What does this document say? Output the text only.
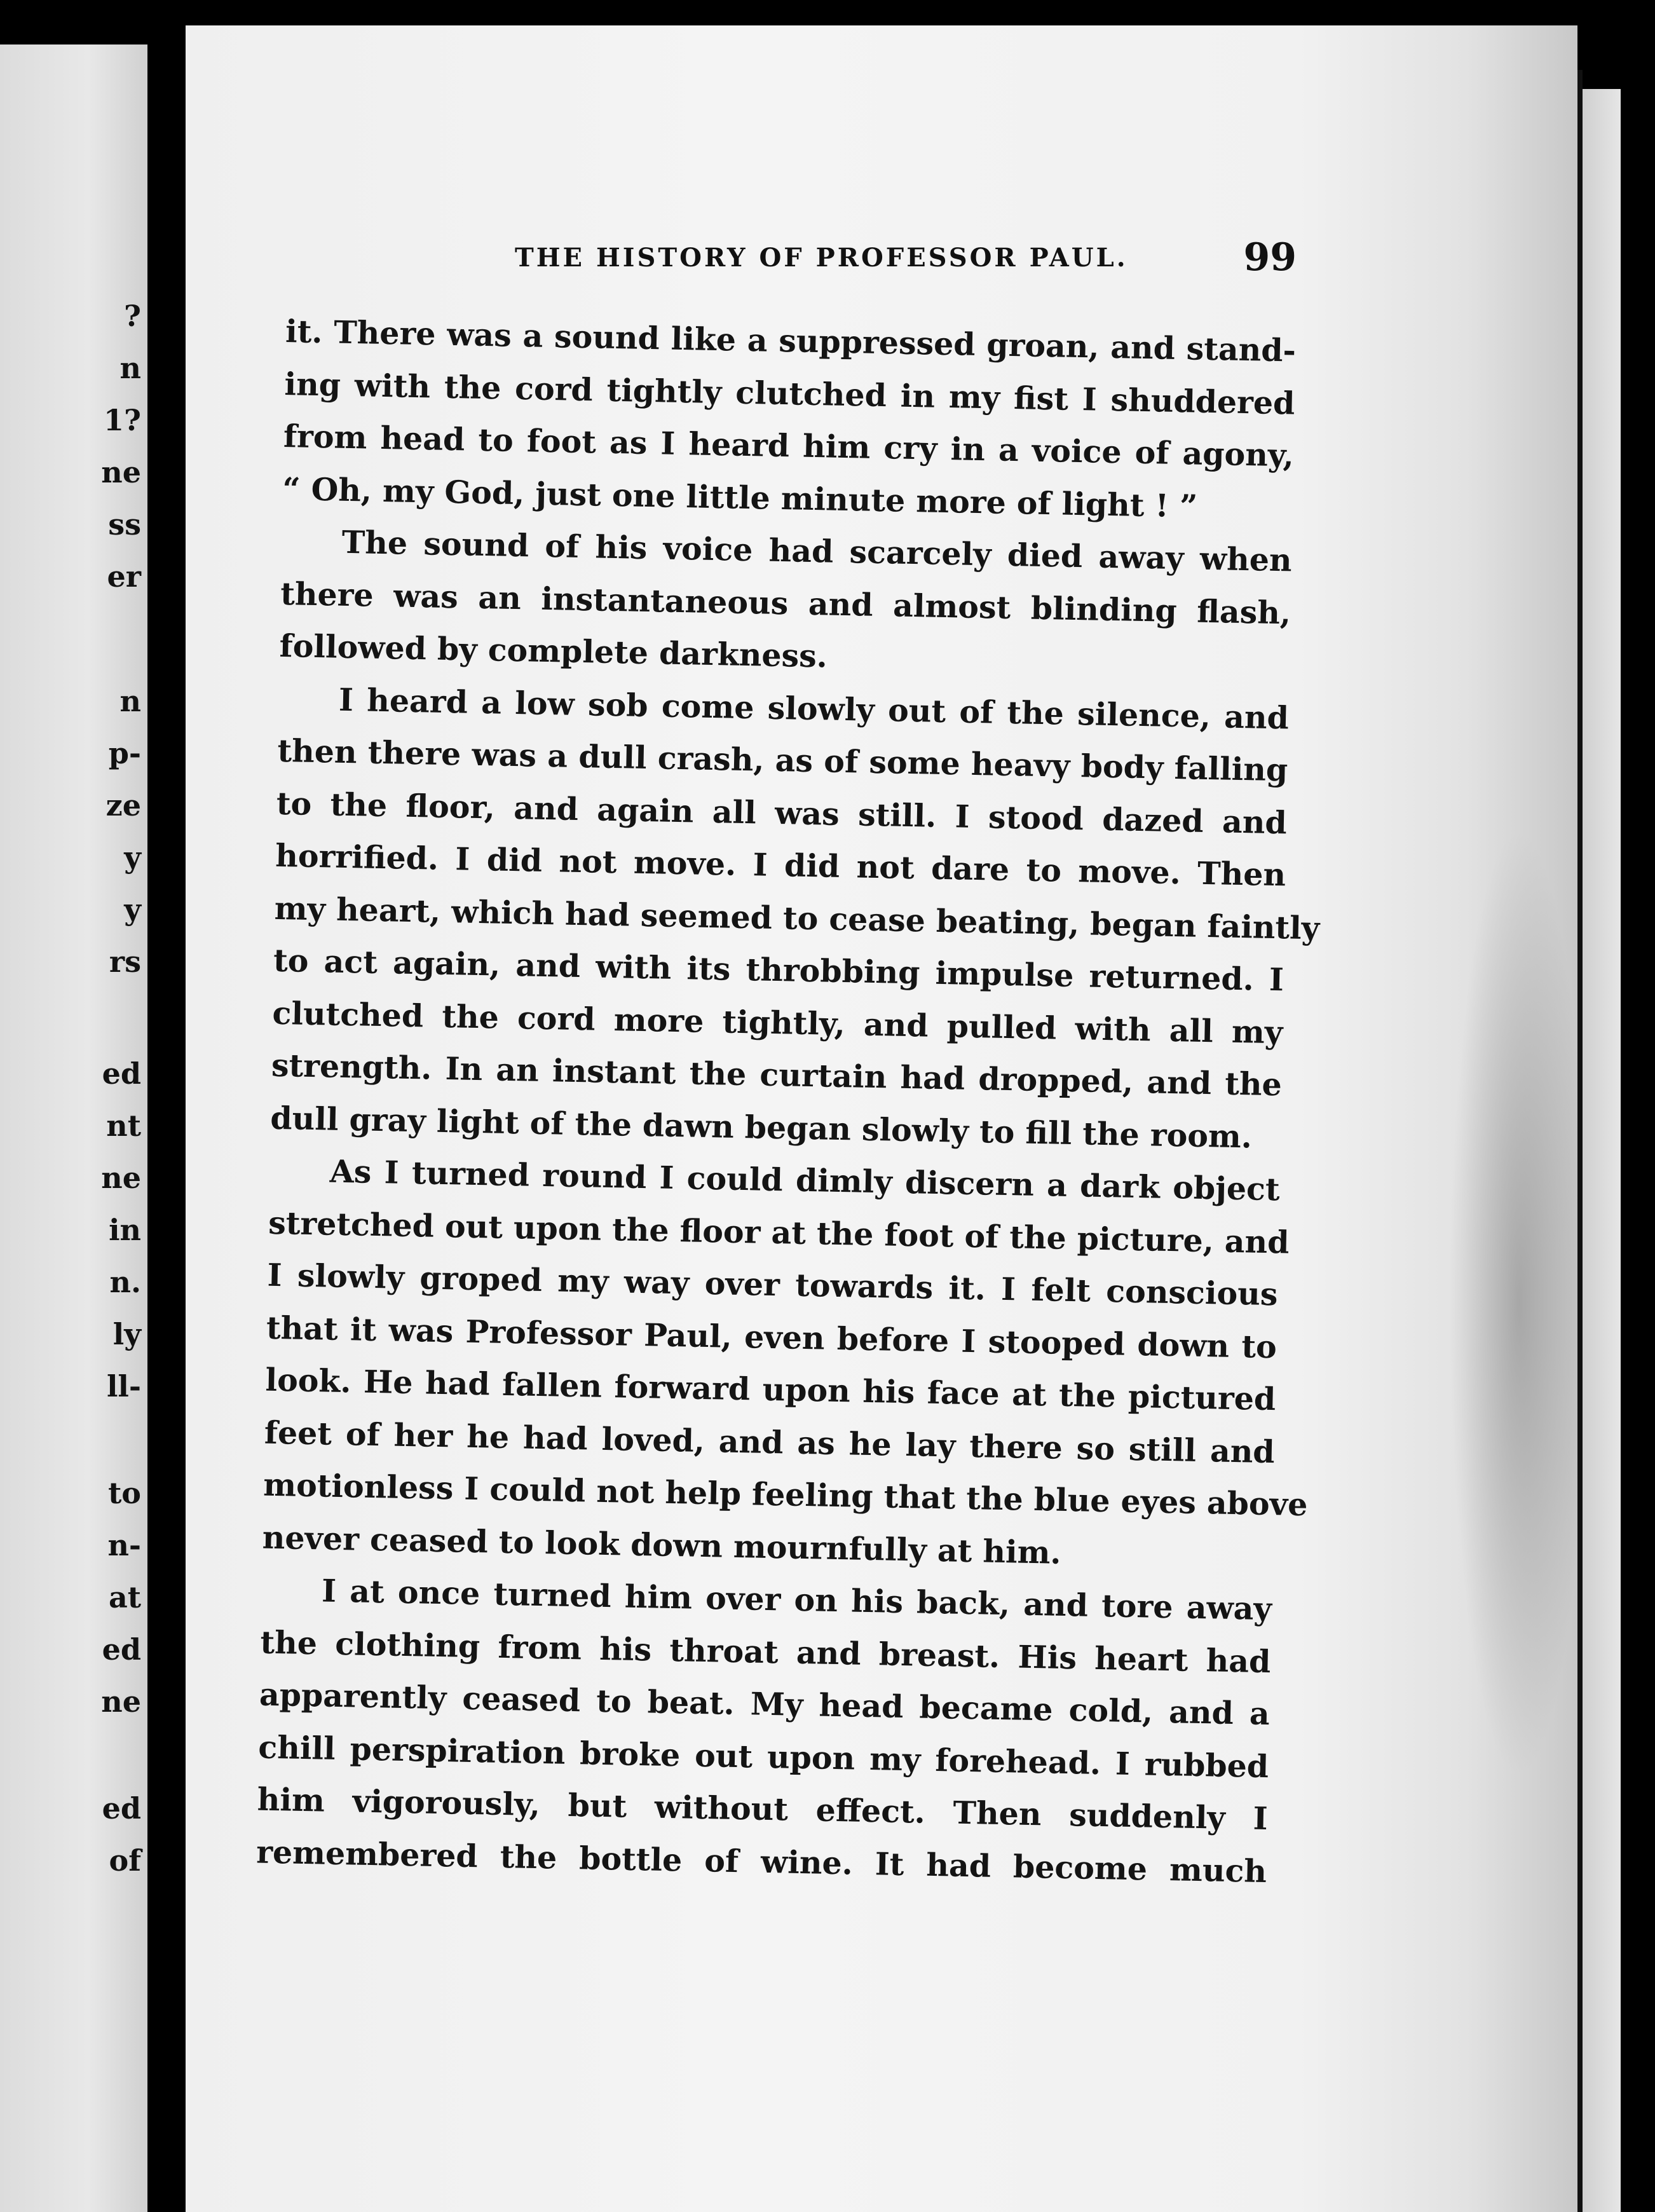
?
n
1?
ne
ss
er
n
p-
ze
y
y
rs
ed
nt
ne
in
n.
ly
ll-
to
n-
at
ed
ne
ed
of
THE HISTORY OF PROFESSOR PAUL.	99
it. There was a sound like a suppressed groan, and stand-
ing with the cord tightly clutched in my fist I shuddered
from head to foot as I heard him cry in a voice of agony,
“ Oh, my God, just one little minute more of light ! ”
The sound of his voice had scarcely died away when
there was an instantaneous and almost blinding flash,
followed by complete darkness.
I heard a low sob come slowly out of the silence, and
then there was a dull crash, as of some heavy body falling
to the floor, and again all was still. I stood dazed and
horrified. I did not move. I did not dare to move. Then
my heart, which had seemed to cease beating, began faintly
to act again, and with its throbbing impulse returned. I
clutched the cord more tightly, and pulled with all my
strength. In an instant the curtain had dropped, and the
dull gray light of the dawn began slowly to fill the room.
As I turned round I could dimly discern a dark object
stretched out upon the floor at the foot of the picture, and
I slowly groped my way over towards it. I felt conscious
that it was Professor Paul, even before I stooped down to
look. He had fallen forward upon his face at the pictured
feet of her he had loved, and as he lay there so still and
motionless I could not help feeling that the blue eyes above
never ceased to look down mournfully at him.
I at once turned him over on his back, and tore away
the clothing from his throat and breast. His heart had
apparently ceased to beat. My head became cold, and a
chill perspiration broke out upon my forehead. I rubbed
him vigorously, but without effect. Then suddenly I
remembered the bottle of wine. It had become much
